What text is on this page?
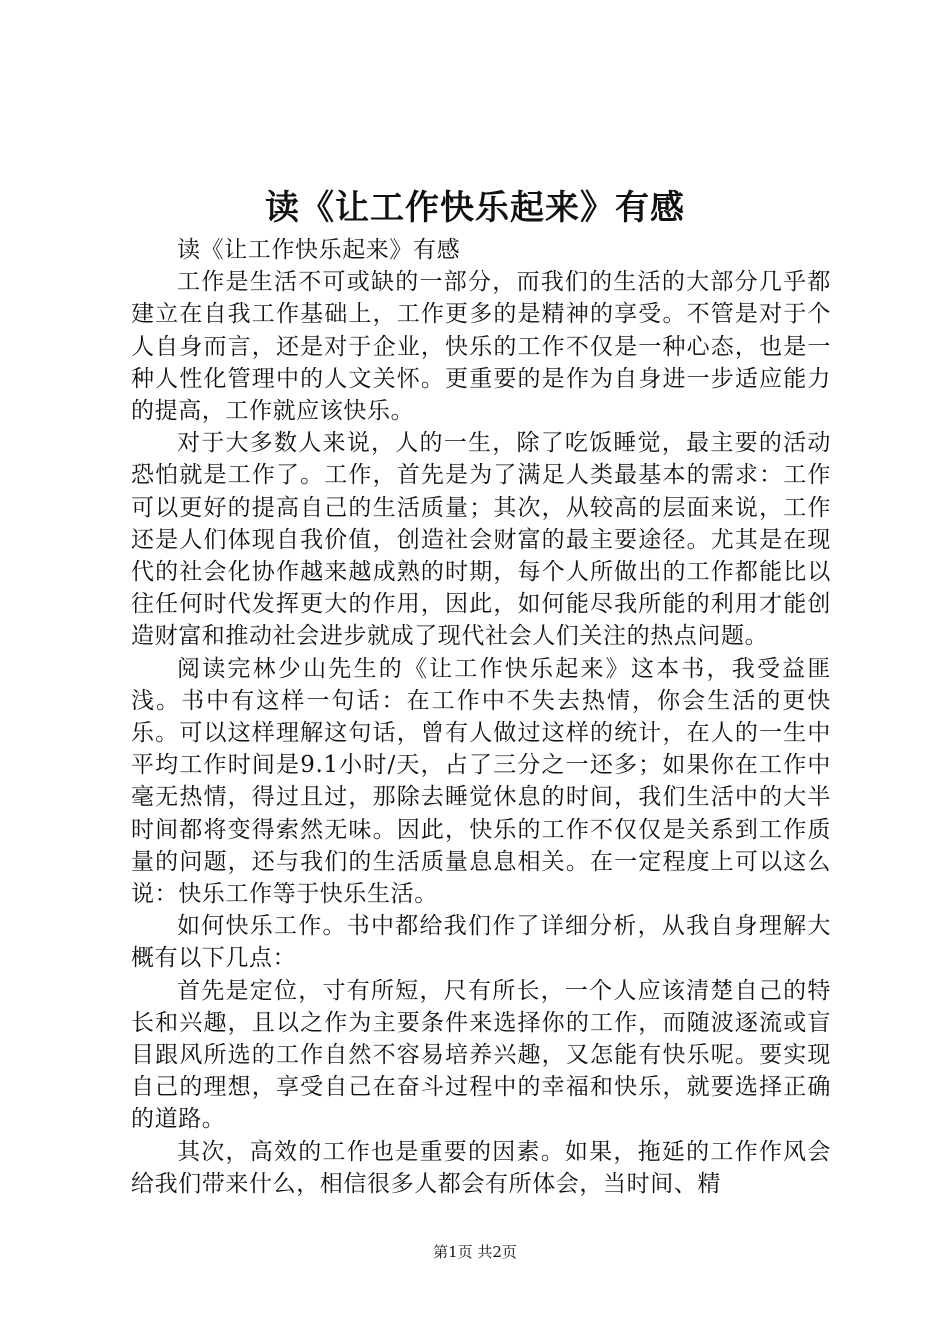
读《让工作快乐起来》有感

读《让工作快乐起来》有感

工作是生活不可或缺的一部分，而我们的生活的大部分几乎都建立在自我工作基础上，工作更多的是精神的享受。不管是对于个人自身而言，还是对于企业，快乐的工作不仅是一种心态，也是一种人性化管理中的人文关怀。更重要的是作为自身进一步适应能力的提高，工作就应该快乐。

对于大多数人来说，人的一生，除了吃饭睡觉，最主要的活动恐怕就是工作了。工作，首先是为了满足人类最基本的需求：工作可以更好的提高自己的生活质量；其次，从较高的层面来说，工作还是人们体现自我价值，创造社会财富的最主要途径。尤其是在现代的社会化协作越来越成熟的时期，每个人所做出的工作都能比以往任何时代发挥更大的作用，因此，如何能尽我所能的利用才能创造财富和推动社会进步就成了现代社会人们关注的热点问题。

阅读完林少山先生的《让工作快乐起来》这本书，我受益匪浅。书中有这样一句话：在工作中不失去热情，你会生活的更快乐。可以这样理解这句话，曾有人做过这样的统计，在人的一生中平均工作时间是9.1小时/天，占了三分之一还多；如果你在工作中毫无热情，得过且过，那除去睡觉休息的时间，我们生活中的大半时间都将变得索然无味。因此，快乐的工作不仅仅是关系到工作质量的问题，还与我们的生活质量息息相关。在一定程度上可以这么说：快乐工作等于快乐生活。

如何快乐工作。书中都给我们作了详细分析，从我自身理解大概有以下几点：

首先是定位，寸有所短，尺有所长，一个人应该清楚自己的特长和兴趣，且以之作为主要条件来选择你的工作，而随波逐流或盲目跟风所选的工作自然不容易培养兴趣，又怎能有快乐呢。要实现自己的理想，享受自己在奋斗过程中的幸福和快乐，就要选择正确的道路。

其次，高效的工作也是重要的因素。如果，拖延的工作作风会给我们带来什么，相信很多人都会有所体会，当时间、精

第1页 共2页
